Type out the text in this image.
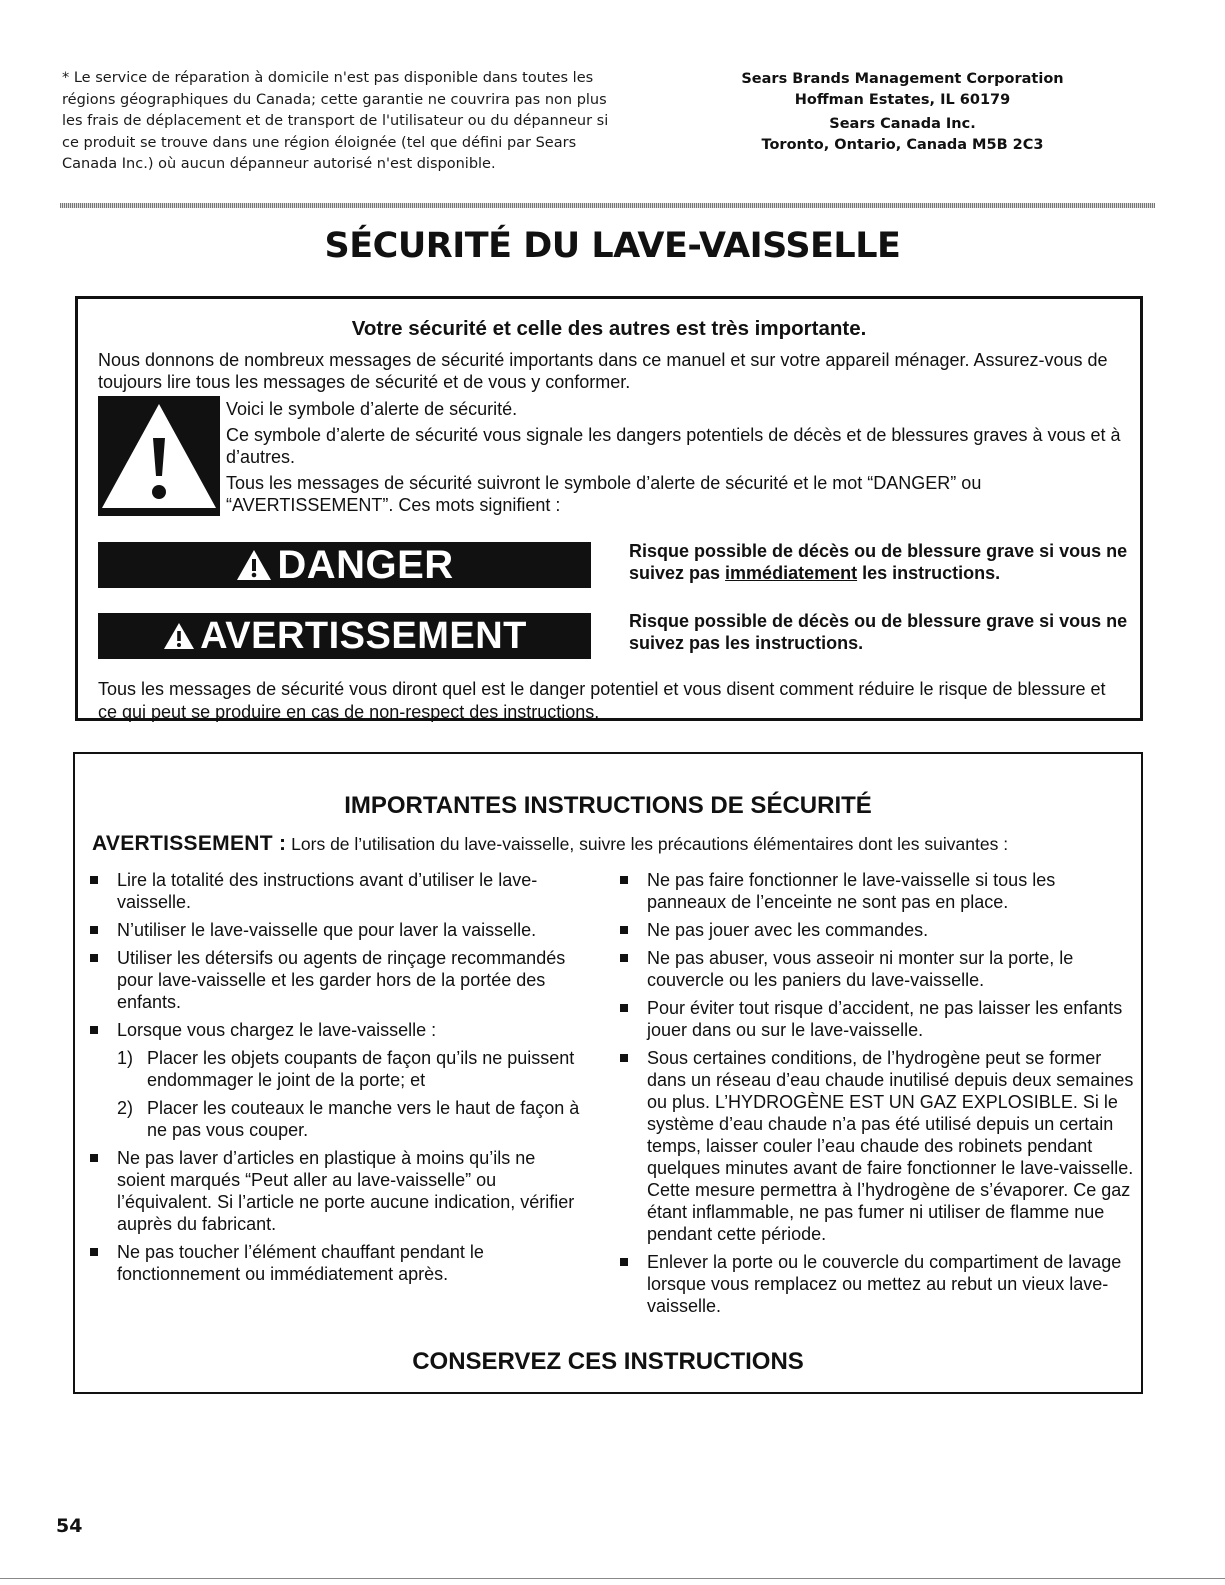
* Le service de réparation à domicile n'est pas disponible dans toutes les régions géographiques du Canada; cette garantie ne couvrira pas non plus les frais de déplacement et de transport de l'utilisateur ou du dépanneur si ce produit se trouve dans une région éloignée (tel que défini par Sears Canada Inc.) où aucun dépanneur autorisé n'est disponible.
Sears Brands Management Corporation
Hoffman Estates, IL 60179
Sears Canada Inc.
Toronto, Ontario, Canada M5B 2C3
SÉCURITÉ DU LAVE-VAISSELLE
Votre sécurité et celle des autres est très importante.
Nous donnons de nombreux messages de sécurité importants dans ce manuel et sur votre appareil ménager. Assurez-vous de toujours lire tous les messages de sécurité et de vous y conformer.

Voici le symbole d’alerte de sécurité.

Ce symbole d’alerte de sécurité vous signale les dangers potentiels de décès et de blessures graves à vous et à d’autres.

Tous les messages de sécurité suivront le symbole d’alerte de sécurité et le mot “DANGER” ou “AVERTISSEMENT”. Ces mots signifient :

DANGER	Risque possible de décès ou de blessure grave si vous ne suivez pas immédiatement les instructions.
AVERTISSEMENT	Risque possible de décès ou de blessure grave si vous ne suivez pas les instructions.
Tous les messages de sécurité vous diront quel est le danger potentiel et vous disent comment réduire le risque de blessure et ce qui peut se produire en cas de non-respect des instructions.
IMPORTANTES INSTRUCTIONS DE SÉCURITÉ
AVERTISSEMENT : Lors de l’utilisation du lave-vaisselle, suivre les précautions élémentaires dont les suivantes :
Lire la totalité des instructions avant d’utiliser le lave-vaisselle.
N’utiliser le lave-vaisselle que pour laver la vaisselle.
Utiliser les détersifs ou agents de rinçage recommandés pour lave-vaisselle et les garder hors de la portée des enfants.
Lorsque vous chargez le lave-vaisselle :
1) Placer les objets coupants de façon qu’ils ne puissent endommager le joint de la porte; et
2) Placer les couteaux le manche vers le haut de façon à ne pas vous couper.
Ne pas laver d’articles en plastique à moins qu’ils ne soient marqués “Peut aller au lave-vaisselle” ou l’équivalent. Si l’article ne porte aucune indication, vérifier auprès du fabricant.
Ne pas toucher l’élément chauffant pendant le fonctionnement ou immédiatement après.
Ne pas faire fonctionner le lave-vaisselle si tous les panneaux de l’enceinte ne sont pas en place.
Ne pas jouer avec les commandes.
Ne pas abuser, vous asseoir ni monter sur la porte, le couvercle ou les paniers du lave-vaisselle.
Pour éviter tout risque d’accident, ne pas laisser les enfants jouer dans ou sur le lave-vaisselle.
Sous certaines conditions, de l’hydrogène peut se former dans un réseau d’eau chaude inutilisé depuis deux semaines ou plus. L’HYDROGÈNE EST UN GAZ EXPLOSIBLE. Si le système d’eau chaude n’a pas été utilisé depuis un certain temps, laisser couler l’eau chaude des robinets pendant quelques minutes avant de faire fonctionner le lave-vaisselle. Cette mesure permettra à l’hydrogène de s’évaporer. Ce gaz étant inflammable, ne pas fumer ni utiliser de flamme nue pendant cette période.
Enlever la porte ou le couvercle du compartiment de lavage lorsque vous remplacez ou mettez au rebut un vieux lave-vaisselle.
CONSERVEZ CES INSTRUCTIONS
54
